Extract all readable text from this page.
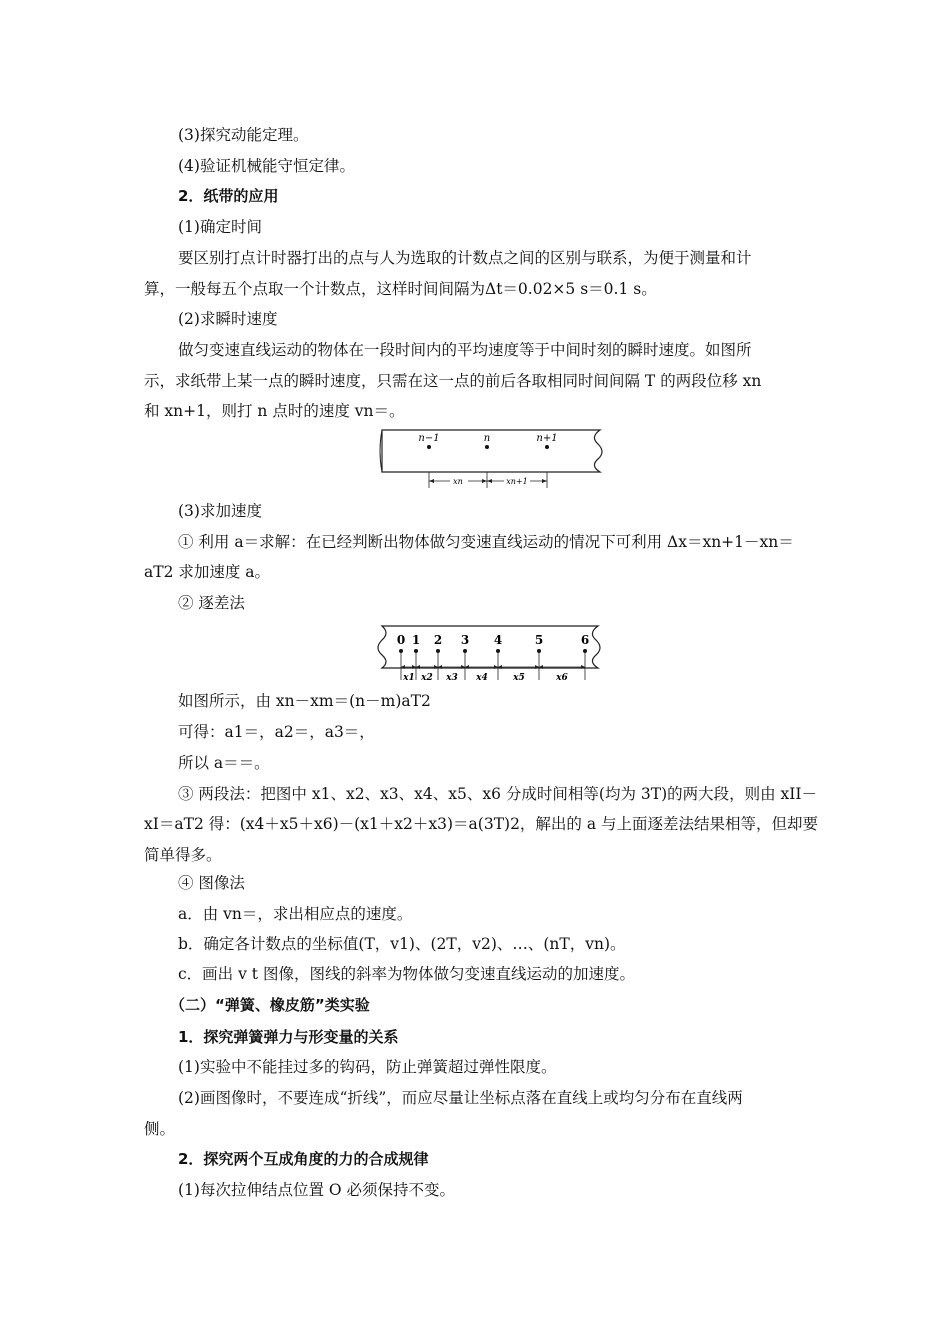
(3)探究动能定理。

(4)验证机械能守恒定律。

2．纸带的应用

(1)确定时间

要区别打点计时器打出的点与人为选取的计数点之间的区别与联系，为便于测量和计

算，一般每五个点取一个计数点，这样时间间隔为Δt＝0.02×5 s＝0.1 s。

(2)求瞬时速度

做匀变速直线运动的物体在一段时间内的平均速度等于中间时刻的瞬时速度。如图所

示，求纸带上某一点的瞬时速度，只需在这一点的前后各取相同时间间隔 T 的两段位移 xn

和 xn+1，则打 n 点时的速度 vn＝。

n−1	n	n+1
xn	xn+1

(3)求加速度

① 利用 a＝求解：在已经判断出物体做匀变速直线运动的情况下可利用 Δx＝xn+1－xn＝

aT2 求加速度 a。

② 逐差法

0 1 2 3 4	5	6
x1 x2 x3 x4	x5	x6

如图所示，由 xn－xm＝(n－m)aT2

可得：a1＝，a2＝，a3＝，

所以 a＝＝。

③ 两段法：把图中 x1、x2、x3、x4、x5、x6 分成时间相等(均为 3T)的两大段，则由 xII－

xI＝aT2 得：(x4＋x5＋x6)－(x1＋x2＋x3)＝a(3T)2，解出的 a 与上面逐差法结果相等，但却要

简单得多。

④ 图像法

a．由 vn＝，求出相应点的速度。

b．确定各计数点的坐标值(T，v1)、(2T，v2)、…、(nT，vn)。

c．画出 v t 图像，图线的斜率为物体做匀变速直线运动的加速度。

（二）“弹簧、橡皮筋”类实验

1．探究弹簧弹力与形变量的关系

(1)实验中不能挂过多的钩码，防止弹簧超过弹性限度。

(2)画图像时，不要连成“折线”，而应尽量让坐标点落在直线上或均匀分布在直线两

侧。

2．探究两个互成角度的力的合成规律

(1)每次拉伸结点位置 O 必须保持不变。
